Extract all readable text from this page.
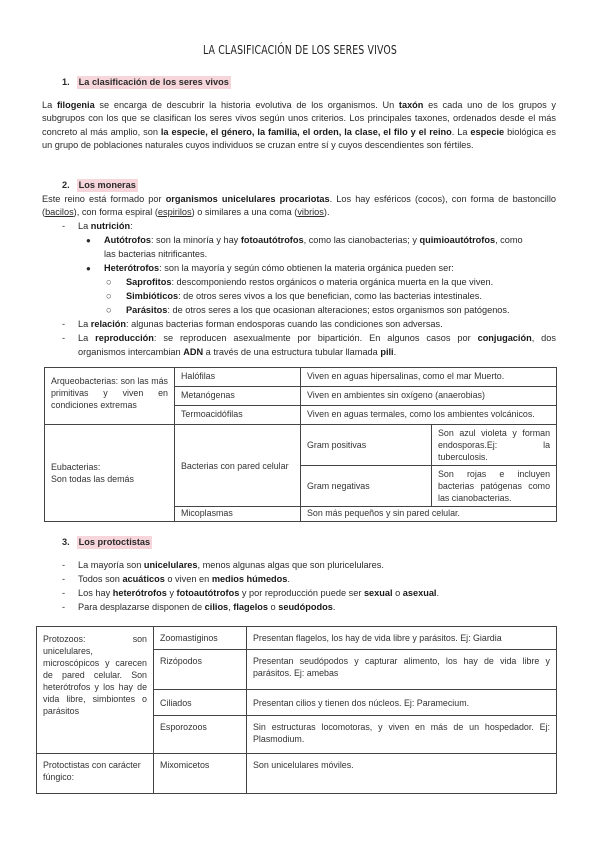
LA CLASIFICACIÓN DE LOS SERES VIVOS
1. La clasificación de los seres vivos
La filogenia se encarga de descubrir la historia evolutiva de los organismos. Un taxón es cada uno de los grupos y subgrupos con los que se clasifican los seres vivos según unos criterios. Los principales taxones, ordenados desde el más concreto al más amplio, son la especie, el género, la familia, el orden, la clase, el filo y el reino. La especie biológica es un grupo de poblaciones naturales cuyos individuos se cruzan entre sí y cuyos descendientes son fértiles.
2. Los moneras
Este reino está formado por organismos unicelulares procariotas. Los hay esféricos (cocos), con forma de bastoncillo (bacilos), con forma espiral (espirilos) o similares a una coma (vibrios).
- La nutrición:
● Autótrofos: son la minoría y hay fotoautótrofos, como las cianobacterias; y quimioautótrofos, como
las bacterias nitrificantes.
● Heterótrofos: son la mayoría y según cómo obtienen la materia orgánica pueden ser:
○ Saprofitos: descomponiendo restos orgánicos o materia orgánica muerta en la que viven.
○ Simbióticos: de otros seres vivos a los que benefician, como las bacterias intestinales.
○ Parásitos: de otros seres a los que ocasionan alteraciones; estos organismos son patógenos.
- La relación: algunas bacterias forman endosporas cuando las condiciones son adversas.
- La reproducción: se reproducen asexualmente por bipartición. En algunos casos por conjugación, dos
organismos intercambian ADN a través de una estructura tubular llamada pili.
Arqueobacterias: son las más primitivas y viven en condiciones extremas	Halófilas	Viven en aguas hipersalinas, como el mar Muerto.	
	Metanógenas	Viven en ambientes sin oxígeno (anaerobias)	
	Termoacidófilas	Viven en aguas termales, como los ambientes volcánicos.	

Eubacterias:
Son todas las demás	Bacterias con pared celular	Gram positivas	Son azul violeta y forman endosporas.Ej: la tuberculosis.
		Gram negativas	Son rojas e incluyen bacterias patógenas como las cianobacterias.
	Micoplasmas	Son más pequeños y sin pared celular.	
3. Los protoctistas
- La mayoría son unicelulares, menos algunas algas que son pluricelulares.
- Todos son acuáticos o viven en medios húmedos.
- Los hay heterótrofos y fotoautótrofos y por reproducción puede ser sexual o asexual.
- Para desplazarse disponen de cilios, flagelos o seudópodos.
Protozoos: son unicelulares, microscópicos y carecen de pared celular. Son heterótrofos y los hay de vida libre, simbiontes o parásitos	Zoomastiginos	Presentan flagelos, los hay de vida libre y parásitos. Ej: Giardia
	Rizópodos	Presentan seudópodos y capturar alimento, los hay de vida libre y parásitos. Ej: amebas
	Ciliados	Presentan cilios y tienen dos núcleos. Ej: Paramecium.
	Esporozoos	Sin estructuras locomotoras, y viven en más de un hospedador. Ej: Plasmodium.
Protoctistas con carácter fúngico:	Mixomicetos	Son unicelulares móviles.
